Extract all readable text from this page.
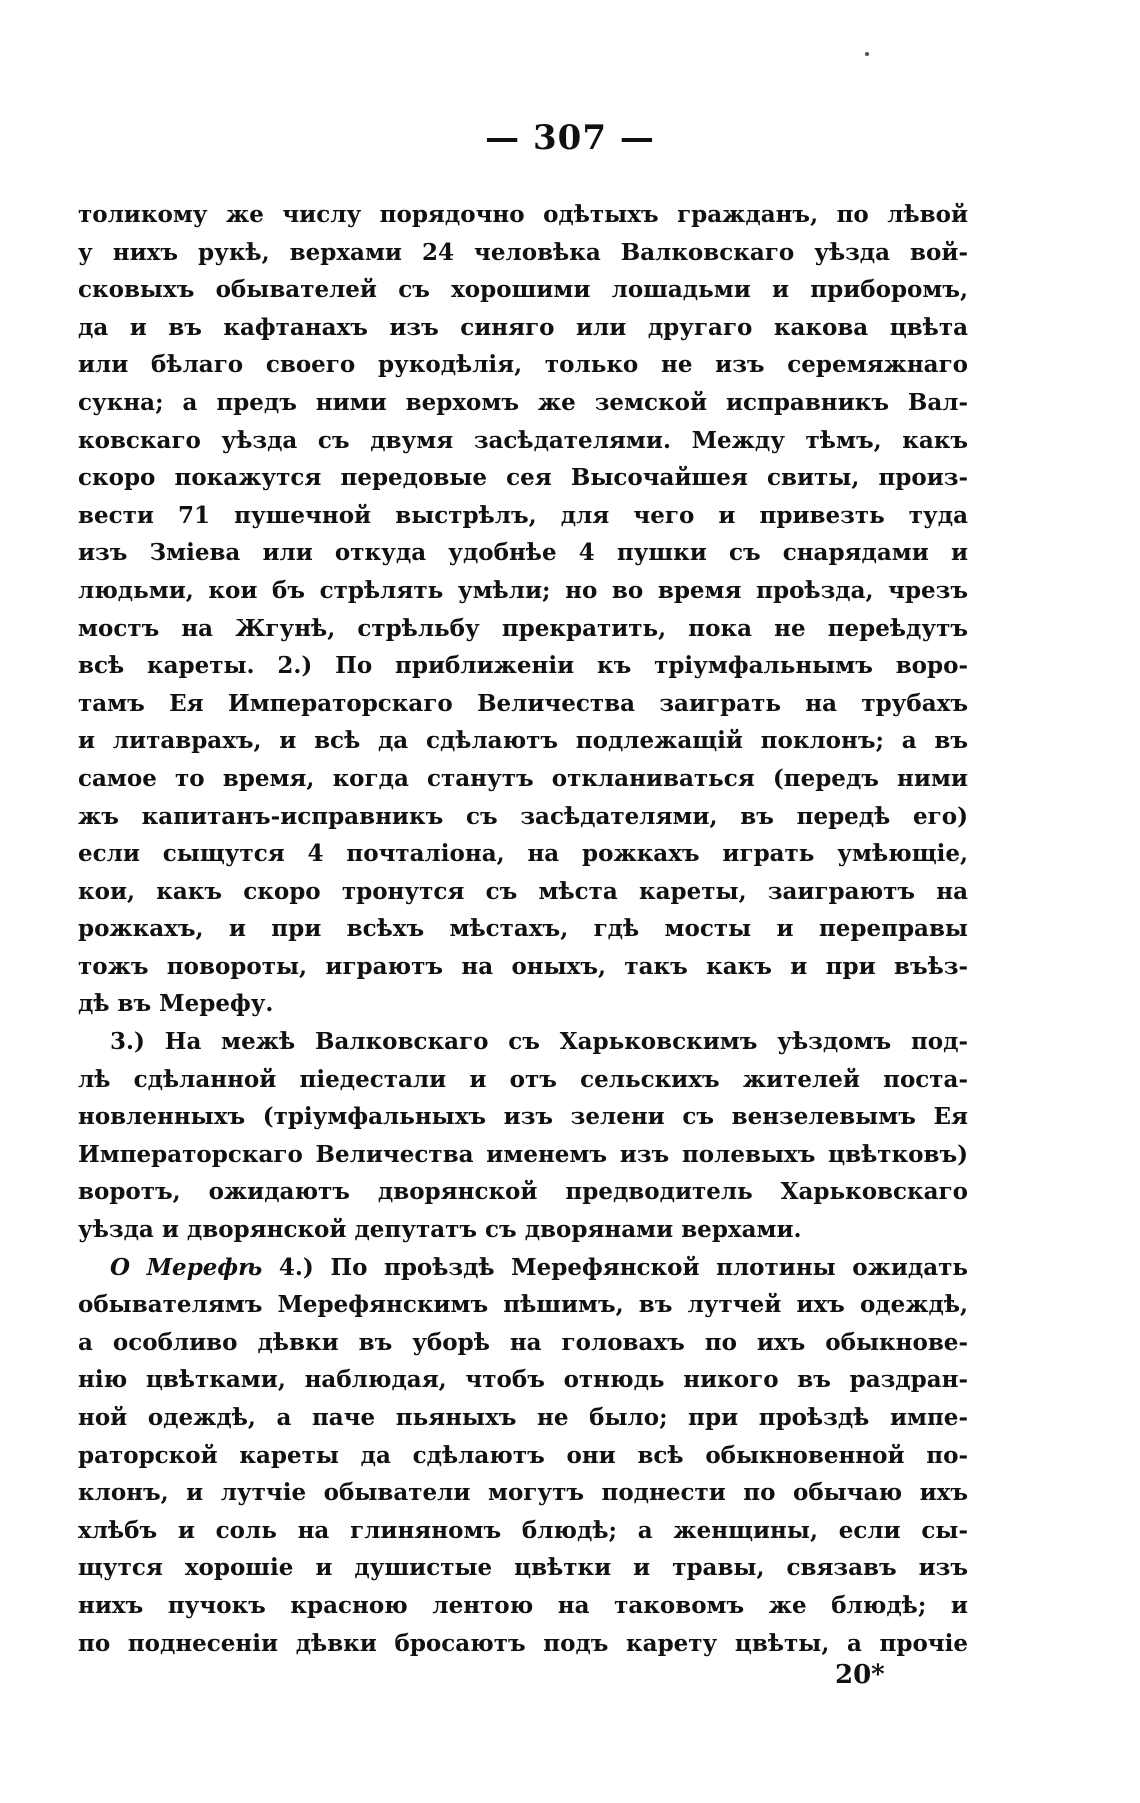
— 307 —
толикому же числу порядочно одѣтыхъ гражданъ, по лѣвой
у нихъ рукѣ, верхами 24 человѣка Валковскаго уѣзда вой-
сковыхъ обывателей съ хорошими лошадьми и приборомъ,
да и въ кафтанахъ изъ синяго или другаго какова цвѣта
или бѣлаго своего рукодѣлія, только не изъ серемяжнаго
сукна; а предъ ними верхомъ же земской исправникъ Вал-
ковскаго уѣзда съ двумя засѣдателями. Между тѣмъ, какъ
скоро покажутся передовые сея Высочайшея свиты, произ-
вести 71 пушечной выстрѣлъ, для чего и привезть туда
изъ Зміева или откуда удобнѣе 4 пушки съ снарядами и
людьми, кои бъ стрѣлять умѣли; но во время проѣзда, чрезъ
мостъ на Жгунѣ, стрѣльбу прекратить, пока не переѣдутъ
всѣ кареты. 2.) По приближеніи къ тріумфальнымъ воро-
тамъ Ея Императорскаго Величества заиграть на трубахъ
и литаврахъ, и всѣ да сдѣлаютъ подлежащій поклонъ; а въ
самое то время, когда станутъ откланиваться (передъ ними
жъ капитанъ-исправникъ съ засѣдателями, въ передѣ его)
если сыщутся 4 почталіона, на рожкахъ играть умѣющіе,
кои, какъ скоро тронутся съ мѣста кареты, заиграютъ на
рожкахъ, и при всѣхъ мѣстахъ, гдѣ мосты и переправы
тожъ повороты, играютъ на оныхъ, такъ какъ и при въѣз-
дѣ въ Мерефу.
3.) На межѣ Валковскаго съ Харьковскимъ уѣздомъ под-
лѣ сдѣланной піедестали и отъ сельскихъ жителей поста-
новленныхъ (тріумфальныхъ изъ зелени съ вензелевымъ Ея
Императорскаго Величества именемъ изъ полевыхъ цвѣтковъ)
воротъ, ожидаютъ дворянской предводитель Харьковскаго
уѣзда и дворянской депутатъ съ дворянами верхами.
О Мерефѣ 4.) По проѣздѣ Мерефянской плотины ожидать
обывателямъ Мерефянскимъ пѣшимъ, въ лутчей ихъ одеждѣ,
а особливо дѣвки въ уборѣ на головахъ по ихъ обыкнове-
нію цвѣтками, наблюдая, чтобъ отнюдь никого въ раздран-
ной одеждѣ, а паче пьяныхъ не было; при проѣздѣ импе-
раторской кареты да сдѣлаютъ они всѣ обыкновенной по-
клонъ, и лутчіе обыватели могутъ поднести по обычаю ихъ
хлѣбъ и соль на глиняномъ блюдѣ; а женщины, если сы-
щутся хорошіе и душистые цвѣтки и травы, связавъ изъ
нихъ пучокъ красною лентою на таковомъ же блюдѣ; и
по поднесеніи дѣвки бросаютъ подъ карету цвѣты, а прочіе
20*
